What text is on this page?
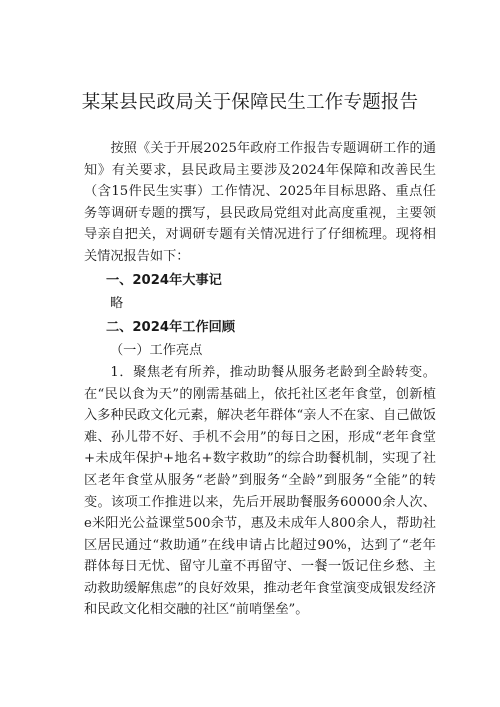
某某县民政局关于保障民生工作专题报告

按照《关于开展2025年政府工作报告专题调研工作的通知》有关要求，县民政局主要涉及2024年保障和改善民生（含15件民生实事）工作情况、2025年目标思路、重点任务等调研专题的撰写，县民政局党组对此高度重视，主要领导亲自把关，对调研专题有关情况进行了仔细梳理。现将相关情况报告如下：

一、2024年大事记

略

二、2024年工作回顾

（一）工作亮点

1．聚焦老有所养，推动助餐从服务老龄到全龄转变。在“民以食为天”的刚需基础上，依托社区老年食堂，创新植入多种民政文化元素，解决老年群体“亲人不在家、自己做饭难、孙儿带不好、手机不会用”的每日之困，形成“老年食堂+未成年保护+地名+数字救助”的综合助餐机制，实现了社区老年食堂从服务“老龄”到服务“全龄”到服务“全能”的转变。该项工作推进以来，先后开展助餐服务60000余人次、e米阳光公益课堂500余节，惠及未成年人800余人，帮助社区居民通过“救助通”在线申请占比超过90%，达到了“老年群体每日无忧、留守儿童不再留守、一餐一饭记住乡愁、主动救助缓解焦虑”的良好效果，推动老年食堂演变成银发经济和民政文化相交融的社区“前哨堡垒”。
